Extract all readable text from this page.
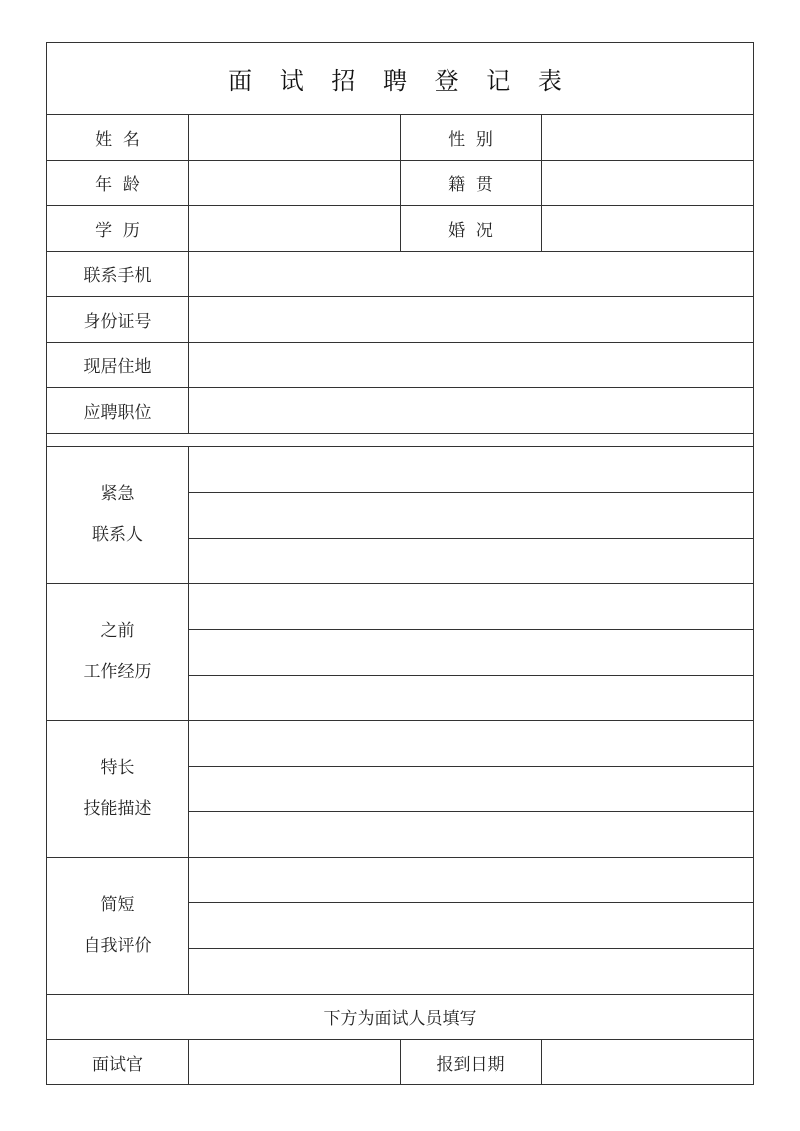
面 试 招 聘 登 记 表
姓  名	性  别
年  龄	籍  贯
学  历	婚  况
联系手机
身份证号
现居住地
应聘职位
紧急
联系人
之前
工作经历
特长
技能描述
简短
自我评价
下方为面试人员填写
面试官	报到日期
